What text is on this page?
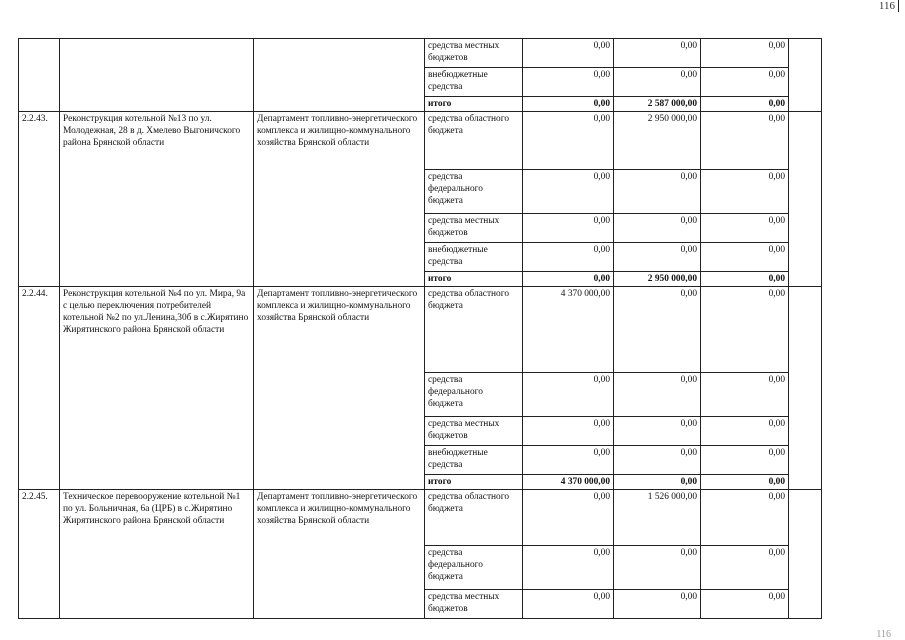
116
116
			средства местных бюджетов	0,00	0,00	0,00	
			внебюджетные средства	0,00	0,00	0,00	
			итого	0,00	2 587 000,00	0,00	
2.2.43.	Реконструкция котельной №13 по ул. Молодежная, 28 в д. Хмелево Выгоничского района Брянской области	Департамент топливно-энергетического комплекса и жилищно-коммунального хозяйства Брянской области	средства областного бюджета	0,00	2 950 000,00	0,00	
			средства федерального бюджета	0,00	0,00	0,00	
			средства местных бюджетов	0,00	0,00	0,00	
			внебюджетные средства	0,00	0,00	0,00	
			итого	0,00	2 950 000,00	0,00	
2.2.44.	Реконструкция котельной №4 по ул. Мира, 9а с целью переключения потребителей котельной №2 по ул.Ленина,30б в с.Жирятино Жирятинского района Брянской области	Департамент топливно-энергетического комплекса и жилищно-коммунального хозяйства Брянской области	средства областного бюджета	4 370 000,00	0,00	0,00	
			средства федерального бюджета	0,00	0,00	0,00	
			средства местных бюджетов	0,00	0,00	0,00	
			внебюджетные средства	0,00	0,00	0,00	
			итого	4 370 000,00	0,00	0,00	
2.2.45.	Техническое перевооружение котельной №1 по ул. Больничная, 6а (ЦРБ) в с.Жирятино Жирятинского района Брянской области	Департамент топливно-энергетического комплекса и жилищно-коммунального хозяйства Брянской области	средства областного бюджета	0,00	1 526 000,00	0,00	
			средства федерального бюджета	0,00	0,00	0,00	
			средства местных бюджетов	0,00	0,00	0,00	
